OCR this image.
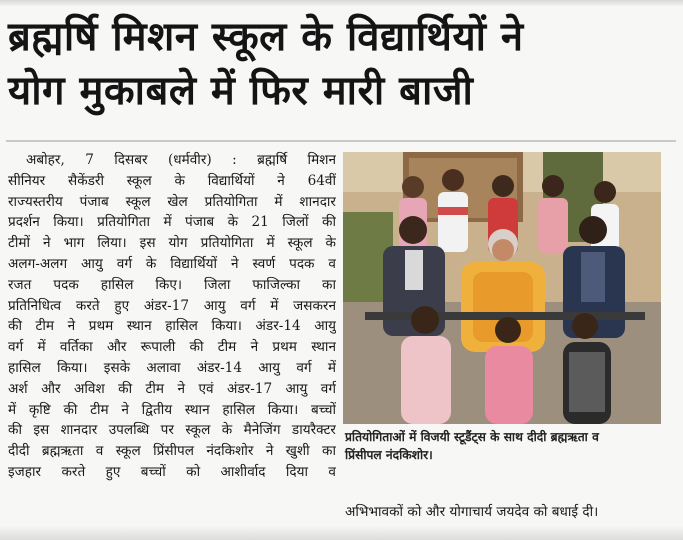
ब्रह्मर्षि मिशन स्कूल के विद्यार्थियों ने
योग मुकाबले में फिर मारी बाजी
अबोहर, 7 दिसबर (धर्मवीर) : ब्रह्मर्षि मिशन
सीनियर सैकेंडरी स्कूल के विद्यार्थियों ने 64वीं
राज्यस्तरीय पंजाब स्कूल खेल प्रतियोगिता में शानदार
प्रदर्शन किया। प्रतियोगिता में पंजाब के 21 जिलों की
टीमों ने भाग लिया। इस योग प्रतियोगिता में स्कूल के
अलग-अलग आयु वर्ग के विद्यार्थियों ने स्वर्ण पदक व
रजत पदक हासिल किए। जिला फाजिल्का का
प्रतिनिधित्व करते हुए अंडर-17 आयु वर्ग में जसकरन
की टीम ने प्रथम स्थान हासिल किया। अंडर-14 आयु
वर्ग में वर्तिका और रूपाली की टीम ने प्रथम स्थान
हासिल किया। इसके अलावा अंडर-14 आयु वर्ग में
अर्श और अविश की टीम ने एवं अंडर-17 आयु वर्ग
में कृष्टि की टीम ने द्वितीय स्थान हासिल किया। बच्चों
की इस शानदार उपलब्धि पर स्कूल के मैनेजिंग डायरैक्टर
दीदी ब्रह्मऋता व स्कूल प्रिंसीपल नंदकिशोर ने खुशी का
इजहार करते हुए बच्चों को आशीर्वाद दिया व
प्रतियोगिताओं में विजयी स्टूडैंट्स के साथ दीदी ब्रह्मऋता व
प्रिंसीपल नंदकिशोर।
अभिभावकों को और योगाचार्य जयदेव को बधाई दी।
